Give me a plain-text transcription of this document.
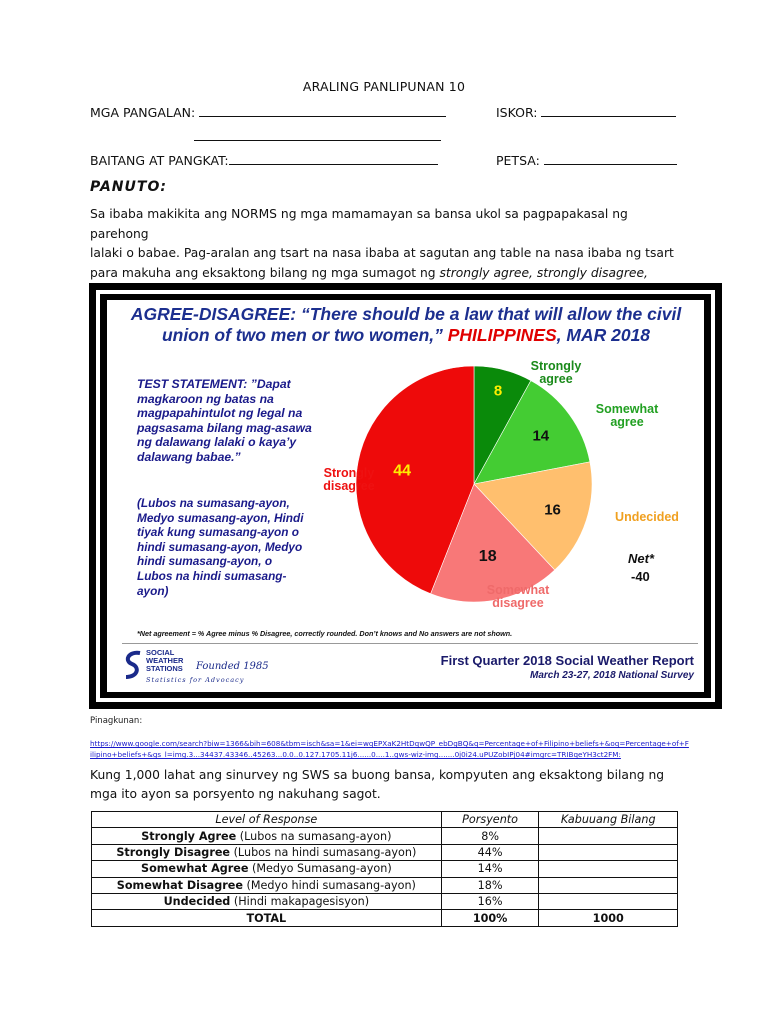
ARALING PANLIPUNAN 10
MGA PANGALAN:	ISKOR:
BAITANG AT PANGKAT:	PETSA:
PANUTO:
Sa ibaba makikita ang NORMS ng mga mamamayan sa bansa ukol sa pagpapakasal ng parehong
lalaki o babae. Pag-aralan ang tsart na nasa ibaba at sagutan ang table na nasa ibaba ng tsart
para makuha ang eksaktong bilang ng mga sumagot ng strongly agree, strongly disagree,
AGREE-DISAGREE: “There should be a law that will allow the civil
union of two men or two women,” PHILIPPINES, MAR 2018
TEST STATEMENT: ”Dapat magkaroon ng batas na magpapahintulot ng legal na pagsasama bilang mag-asawa ng dalawang lalaki o kaya’y dalawang babae.”
(Lubos na sumasang-ayon, Medyo sumasang-ayon, Hindi tiyak kung sumasang-ayon o hindi sumasang-ayon, Medyo hindi sumasang-ayon, o Lubos na hindi sumasang-ayon)
8
14
16
18
44
Strongly agree
Somewhat agree
Undecided
Somewhat disagree
Strongly disagree
Net*
-40
*Net agreement = % Agree minus % Disagree, correctly rounded. Don’t knows and No answers are not shown.
SOCIAL
WEATHER
STATIONS Founded 1985
Statistics for Advocacy
First Quarter 2018 Social Weather Report
March 23-27, 2018 National Survey
Pinagkunan:
https://www.google.com/search?biw=1366&bih=608&tbm=isch&sa=1&ei=wqEPXaK2HtDqwQP_ebDgBQ&q=Percentage+of+Filipino+beliefs+&oq=Percentage+of+Filipino+beliefs+&gs_l=img.3...34437.43346..45263...0.0..0.127.1705.11j6......0....1..gws-wiz-img.......0j0i24.uPUZobIPj04#imgrc=TRIBqeYH3ct2FM:
Kung 1,000 lahat ang sinurvey ng SWS sa buong bansa, kompyuten ang eksaktong bilang ng
mga ito ayon sa porsyento ng nakuhang sagot.
Level of Response	Porsyento	Kabuuang Bilang
Strongly Agree (Lubos na sumasang-ayon)	8%	
Strongly Disagree (Lubos na hindi sumasang-ayon)	44%	
Somewhat Agree (Medyo Sumasang-ayon)	14%	
Somewhat Disagree (Medyo hindi sumasang-ayon)	18%	
Undecided (Hindi makapagesisyon)	16%	
TOTAL	100%	1000
